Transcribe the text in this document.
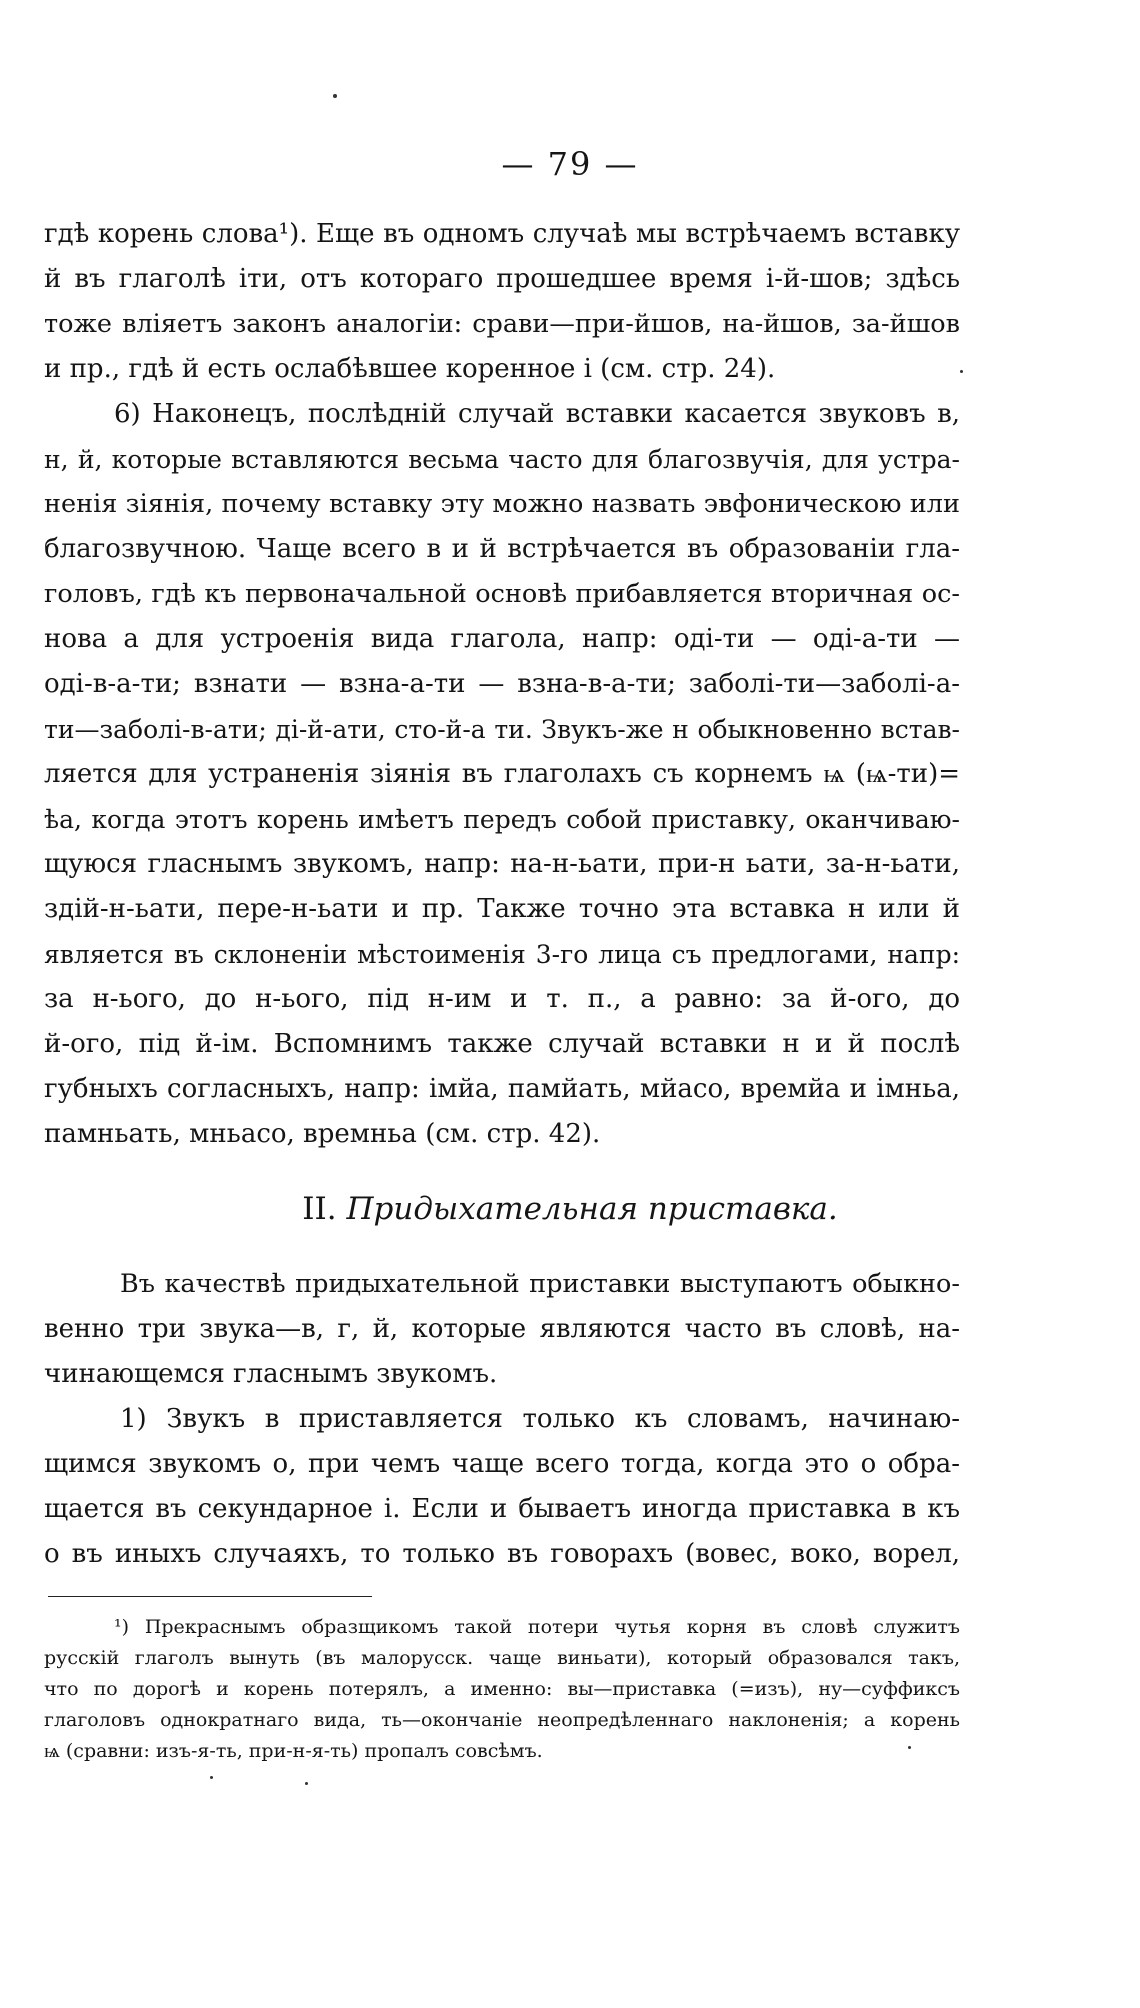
— 79 —
гдѣ корень слова¹). Еще въ одномъ случаѣ мы встрѣчаемъ вставку
й въ глаголѣ іти, отъ котораго прошедшее время і-й-шов; здѣсь
тоже вліяетъ законъ аналогіи: срави—при-йшов, на-йшов, за-йшов
и пр., гдѣ й есть ослабѣвшее коренное і (см. стр. 24).
6) Наконецъ, послѣдній случай вставки касается звуковъ в,
н, й, которые вставляются весьма часто для благозвучія, для устра-
ненія зіянія, почему вставку эту можно назвать эвфоническою или
благозвучною. Чаще всего в и й встрѣчается въ образованіи гла-
головъ, гдѣ къ первоначальной основѣ прибавляется вторичная ос-
нова а для устроенія вида глагола, напр: оді-ти — оді-а-ти —
оді-в-а-ти; взнати — взна-а-ти — взна-в-а-ти; заболі-ти—заболі-а-
ти—заболі-в-ати; ді-й-ати, сто-й-а ти. Звукъ-же н обыкновенно встав-
ляется для устраненія зіянія въ глаголахъ съ корнемъ ѩ (ѩ-ти)=
ѣа, когда этотъ корень имѣетъ передъ собой приставку, оканчиваю-
щуюся гласнымъ звукомъ, напр: на-н-ьати, при-н ьати, за-н-ьати,
здій-н-ьати, пере-н-ьати и пр. Также точно эта вставка н или й
является въ склоненіи мѣстоименія 3-го лица съ предлогами, напр:
за н-ього, до н-ього, під н-им и т. п., а равно: за й-ого, до
й-ого, під й-ім. Вспомнимъ также случай вставки н и й послѣ
губныхъ согласныхъ, напр: імйа, памйать, мйасо, времйа и імньа,
памньать, мньасо, времньа (см. стр. 42).
II. Придыхательная приставка.
Въ качествѣ придыхательной приставки выступаютъ обыкно-
венно три звука—в, г, й, которые являются часто въ словѣ, на-
чинающемся гласнымъ звукомъ.
1) Звукъ в приставляется только къ словамъ, начинаю-
щимся звукомъ о, при чемъ чаще всего тогда, когда это о обра-
щается въ секундарное і. Если и бываетъ иногда приставка в къ
о въ иныхъ случаяхъ, то только въ говорахъ (вовес, воко, ворел,
¹) Прекраснымъ образщикомъ такой потери чутья корня въ словѣ служитъ
русскій глаголъ вынуть (въ малорусск. чаще виньати), который образовался такъ,
что по дорогѣ и корень потерялъ, а именно: вы—приставка (=изъ), ну—суффиксъ
глаголовъ однократнаго вида, ть—окончаніе неопредѣленнаго наклоненія; а корень
ѩ (сравни: изъ-я-ть, при-н-я-ть) пропалъ совсѣмъ.
